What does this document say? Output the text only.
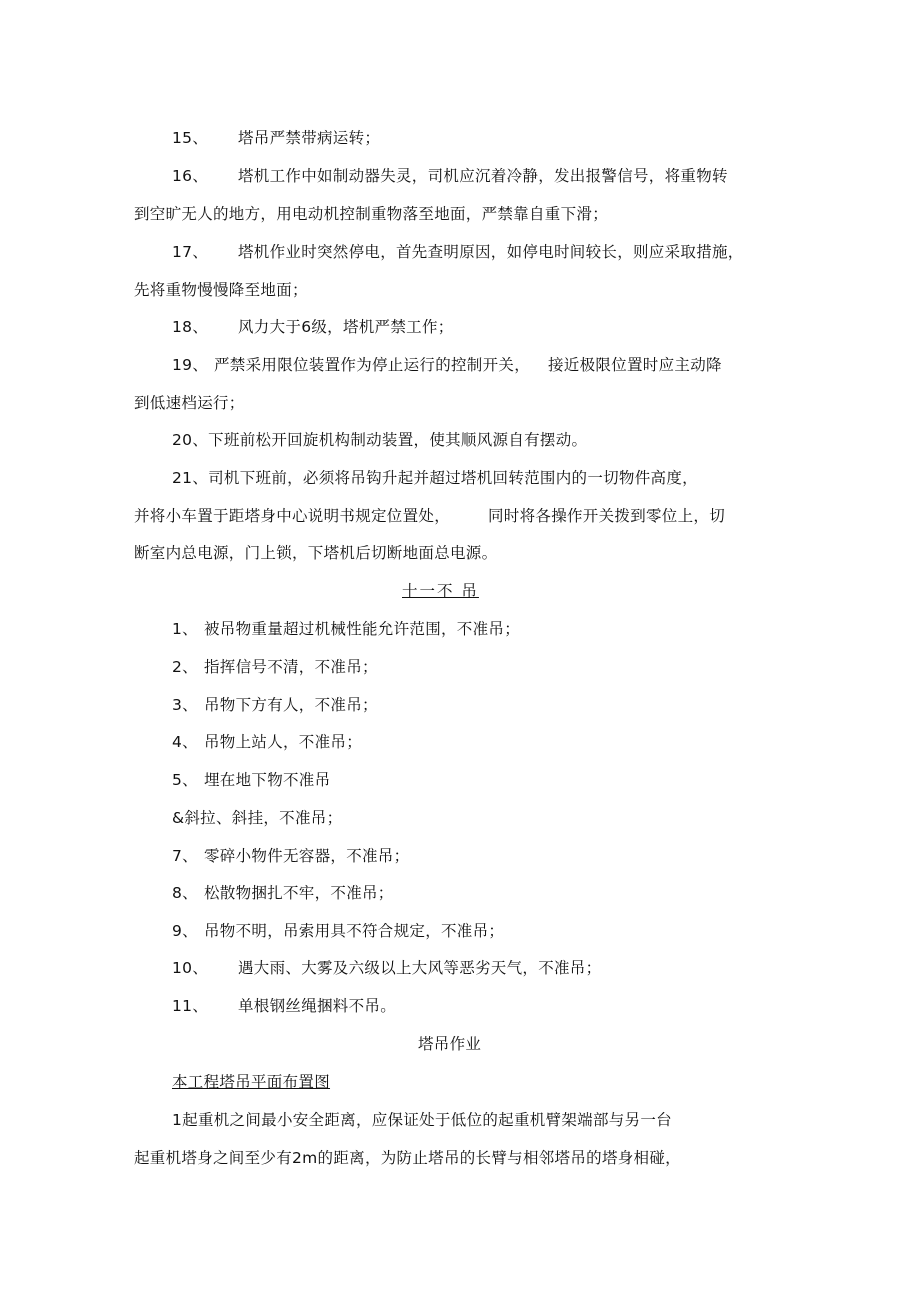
15、 塔吊严禁带病运转；
16、 塔机工作中如制动器失灵，司机应沉着冷静，发出报警信号，将重物转
到空旷无人的地方，用电动机控制重物落至地面，严禁靠自重下滑；
17、 塔机作业时突然停电，首先查明原因，如停电时间较长，则应采取措施，
先将重物慢慢降至地面；
18、 风力大于6级，塔机严禁工作；
19、 严禁采用限位装置作为停止运行的控制开关， 接近极限位置时应主动降
到低速档运行；
20、下班前松开回旋机构制动装置，使其顺风源自有摆动。
21、司机下班前，必须将吊钩升起并超过塔机回转范围内的一切物件高度，
并将小车置于距塔身中心说明书规定位置处， 同时将各操作开关拨到零位上，切
断室内总电源，门上锁，下塔机后切断地面总电源。
十一不 吊
1、 被吊物重量超过机械性能允许范围，不准吊；
2、 指挥信号不清，不准吊；
3、 吊物下方有人，不准吊；
4、 吊物上站人，不准吊；
5、 埋在地下物不准吊
&斜拉、斜挂，不准吊；
7、 零碎小物件无容器，不准吊；
8、 松散物捆扎不牢，不准吊；
9、 吊物不明，吊索用具不符合规定，不准吊；
10、 遇大雨、大雾及六级以上大风等恶劣天气，不准吊；
11、 单根钢丝绳捆料不吊。
塔吊作业
本工程塔吊平面布置图
1起重机之间最小安全距离，应保证处于低位的起重机臂架端部与另一台
起重机塔身之间至少有2m的距离，为防止塔吊的长臂与相邻塔吊的塔身相碰，
